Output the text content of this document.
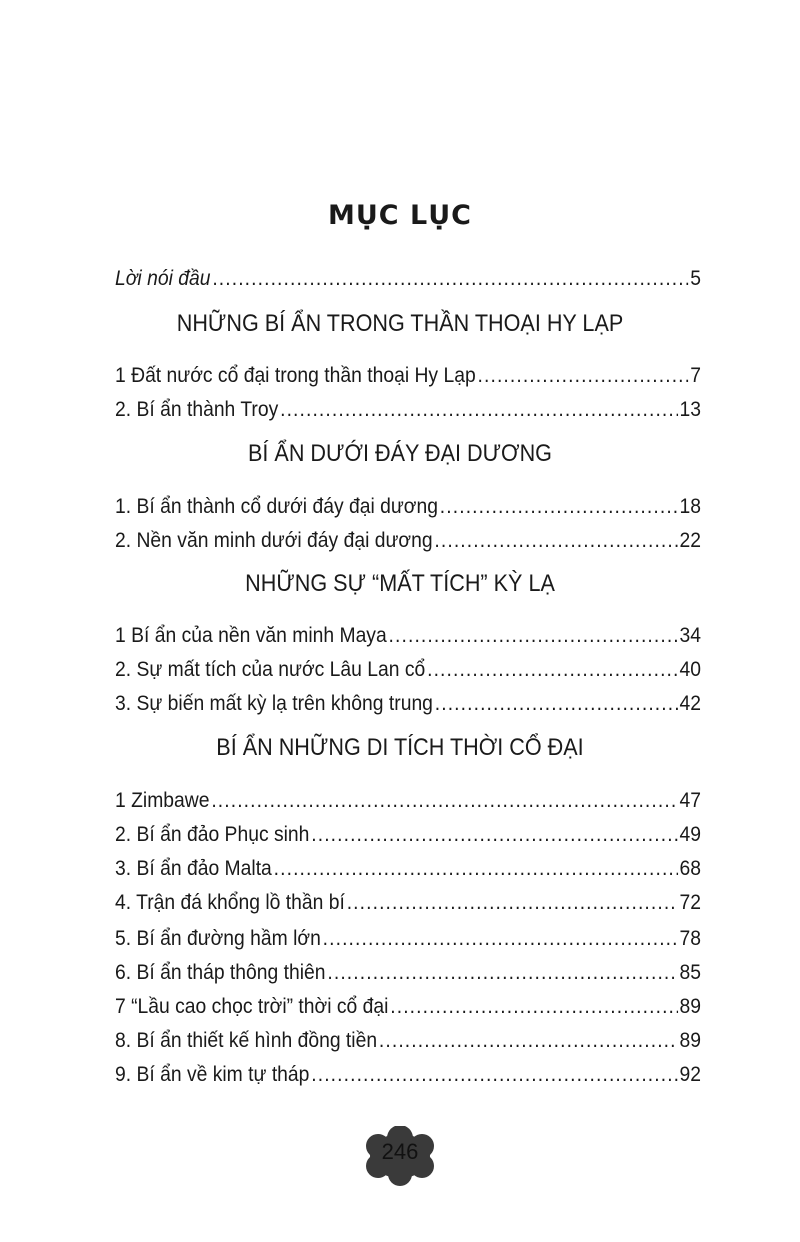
MỤC LỤC
Lời nói đầu .....	5
NHỮNG BÍ ẨN TRONG THẦN THOẠI HY LẠP
1 Đất nước cổ đại trong thần thoại Hy Lạp .....	7
2. Bí ẩn thành Troy .....	13
BÍ ẨN DƯỚI ĐÁY ĐẠI DƯƠNG
1. Bí ẩn thành cổ dưới đáy đại dương .....	18
2. Nền văn minh dưới đáy đại dương .....	22
NHỮNG SỰ “MẤT TÍCH” KỲ LẠ
1 Bí ẩn của nền văn minh Maya .....	34
2. Sự mất tích của nước Lâu Lan cổ .....	40
3. Sự biến mất kỳ lạ trên không trung .....	42
BÍ ẨN NHỮNG DI TÍCH THỜI CỔ ĐẠI
1 Zimbawe .....	47
2. Bí ẩn đảo Phục sinh .....	49
3. Bí ẩn đảo Malta .....	68
4. Trận đá khổng lồ thần bí .....	72
5. Bí ẩn đường hầm lớn .....	78
6. Bí ẩn tháp thông thiên .....	85
7 “Lầu cao chọc trời” thời cổ đại .....	89
8. Bí ẩn thiết kế hình đồng tiền .....	89
9. Bí ẩn về kim tự tháp .....	92
246
